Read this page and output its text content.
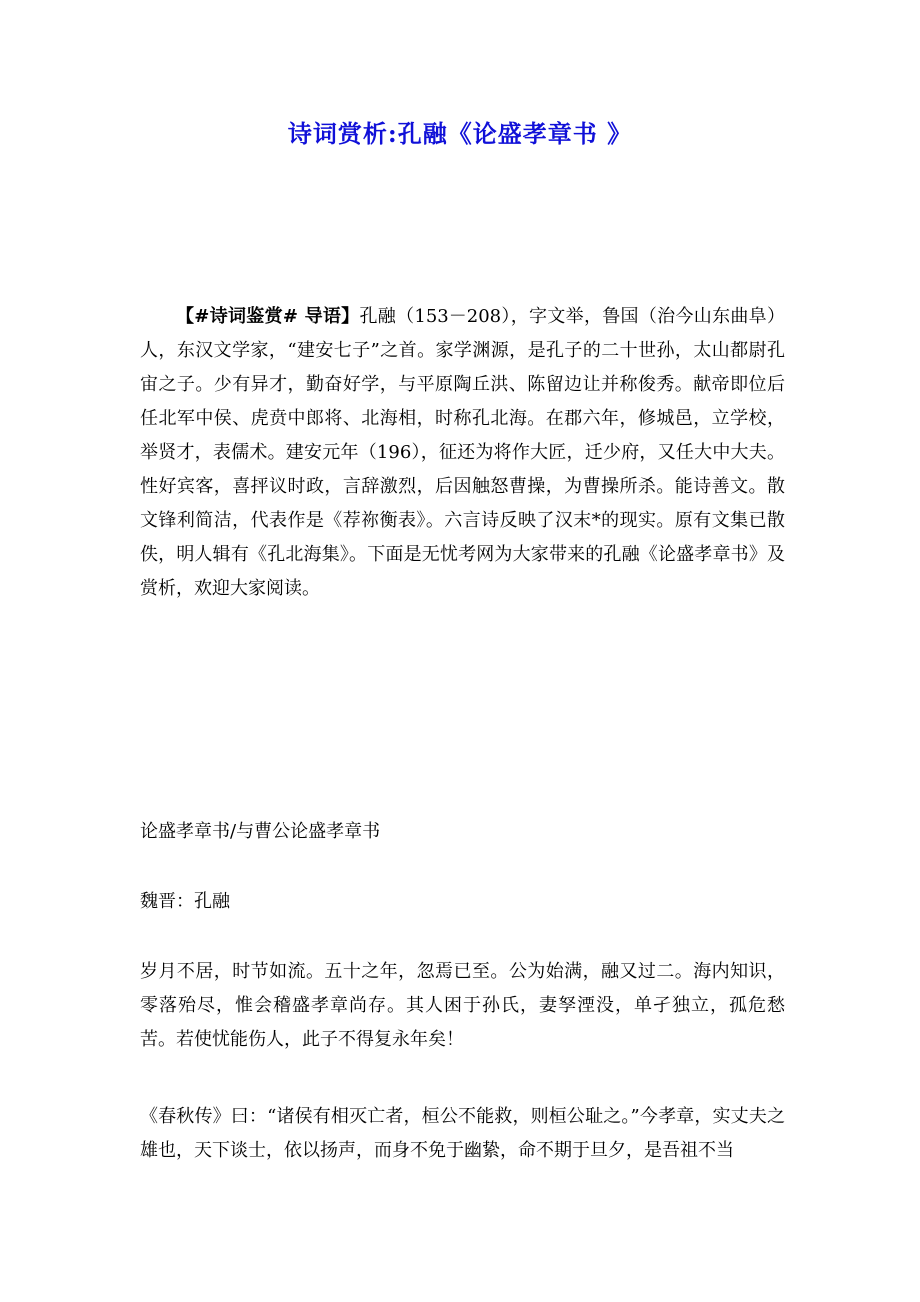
诗词赏析:孔融《论盛孝章书 》

【#诗词鉴赏# 导语】孔融（153－208），字文举，鲁国（治今山东曲阜）人，东汉文学家，“建安七子”之首。家学渊源，是孔子的二十世孙，太山都尉孔宙之子。少有异才，勤奋好学，与平原陶丘洪、陈留边让并称俊秀。献帝即位后任北军中侯、虎贲中郎将、北海相，时称孔北海。在郡六年，修城邑，立学校，举贤才，表儒术。建安元年（196），征还为将作大匠，迁少府，又任大中大夫。性好宾客，喜抨议时政，言辞激烈，后因触怒曹操，为曹操所杀。能诗善文。散文锋利简洁，代表作是《荐祢衡表》。六言诗反映了汉末*的现实。原有文集已散佚，明人辑有《孔北海集》。下面是无忧考网为大家带来的孔融《论盛孝章书》及赏析，欢迎大家阅读。

论盛孝章书/与曹公论盛孝章书

魏晋：孔融

岁月不居，时节如流。五十之年，忽焉已至。公为始满，融又过二。海内知识，零落殆尽，惟会稽盛孝章尚存。其人困于孙氏，妻孥湮没，单孑独立，孤危愁苦。若使忧能伤人，此子不得复永年矣！

《春秋传》曰：“诸侯有相灭亡者，桓公不能救，则桓公耻之。”今孝章，实丈夫之雄也，天下谈士，依以扬声，而身不免于幽絷，命不期于旦夕，是吾祖不当
